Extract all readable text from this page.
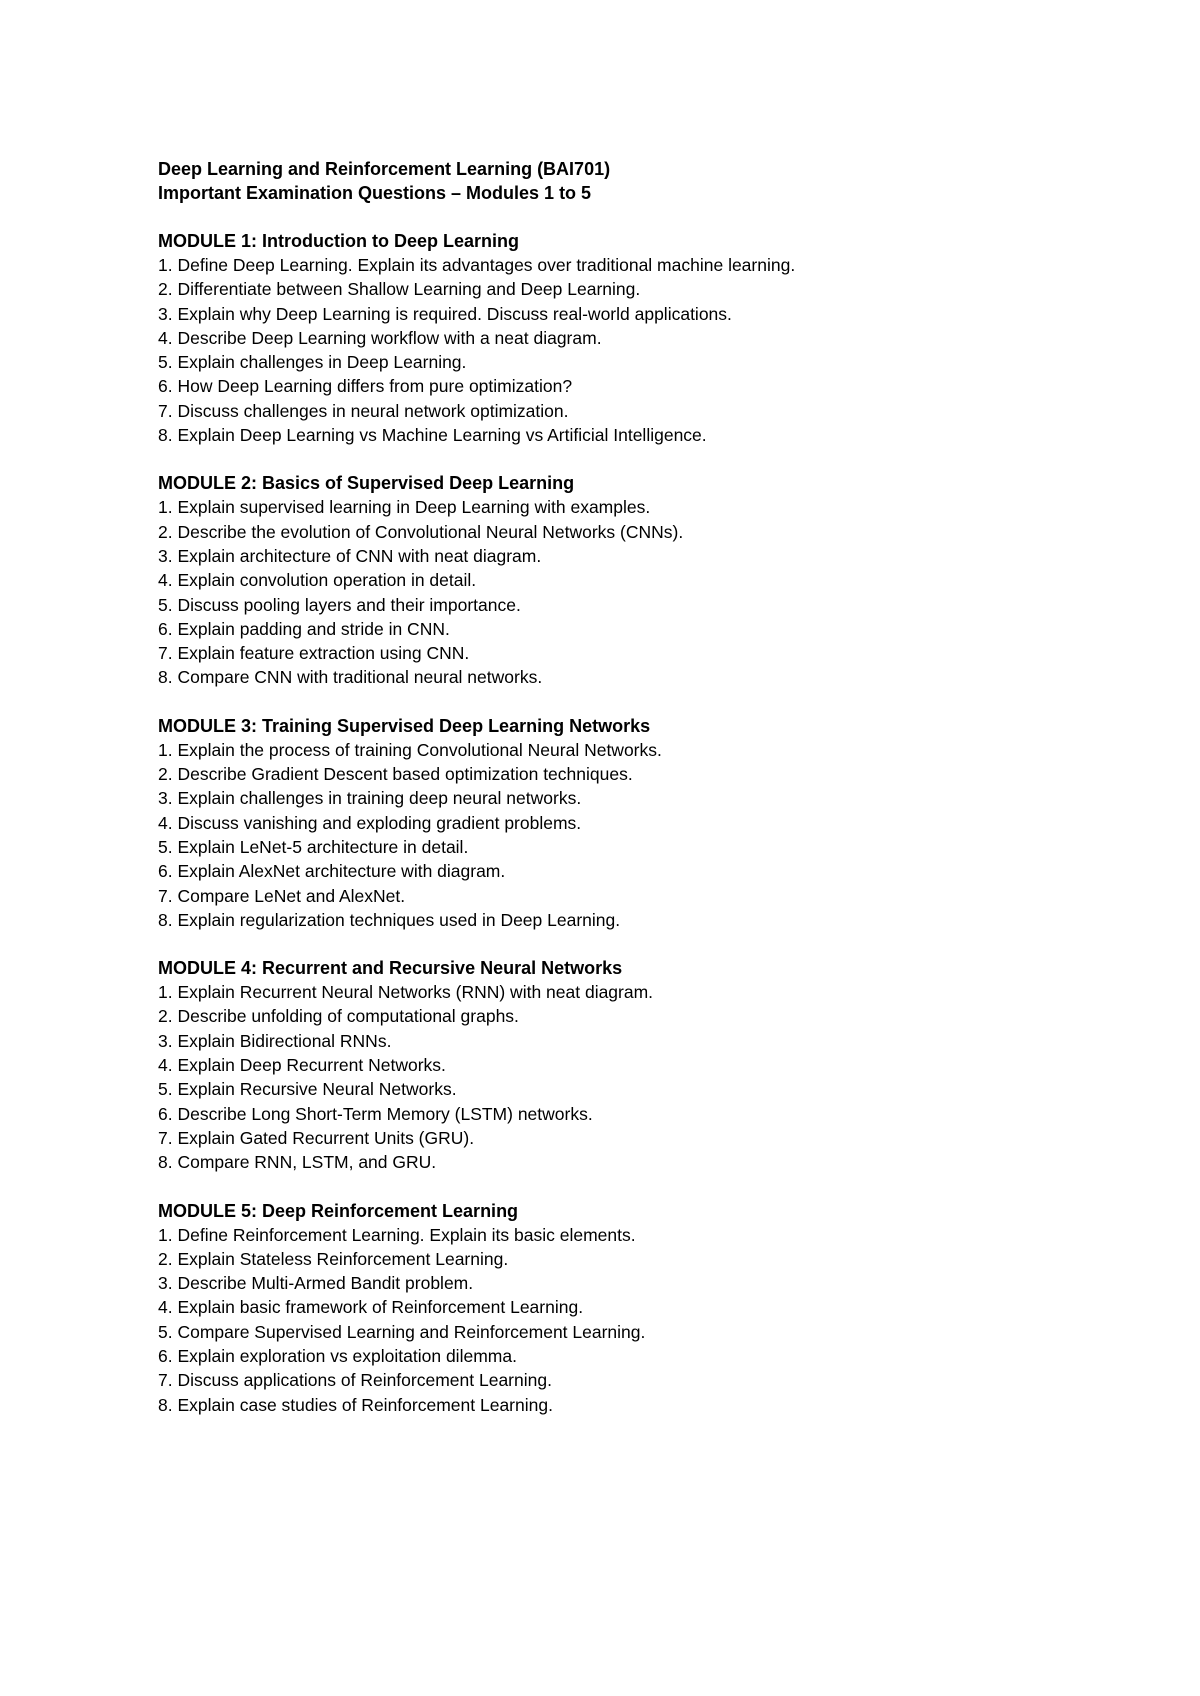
Deep Learning and Reinforcement Learning (BAI701)

Important Examination Questions – Modules 1 to 5

MODULE 1: Introduction to Deep Learning

1. Define Deep Learning. Explain its advantages over traditional machine learning.
2. Differentiate between Shallow Learning and Deep Learning.
3. Explain why Deep Learning is required. Discuss real-world applications.
4. Describe Deep Learning workflow with a neat diagram.
5. Explain challenges in Deep Learning.
6. How Deep Learning differs from pure optimization?
7. Discuss challenges in neural network optimization.
8. Explain Deep Learning vs Machine Learning vs Artificial Intelligence.

MODULE 2: Basics of Supervised Deep Learning

1. Explain supervised learning in Deep Learning with examples.
2. Describe the evolution of Convolutional Neural Networks (CNNs).
3. Explain architecture of CNN with neat diagram.
4. Explain convolution operation in detail.
5. Discuss pooling layers and their importance.
6. Explain padding and stride in CNN.
7. Explain feature extraction using CNN.
8. Compare CNN with traditional neural networks.

MODULE 3: Training Supervised Deep Learning Networks

1. Explain the process of training Convolutional Neural Networks.
2. Describe Gradient Descent based optimization techniques.
3. Explain challenges in training deep neural networks.
4. Discuss vanishing and exploding gradient problems.
5. Explain LeNet-5 architecture in detail.
6. Explain AlexNet architecture with diagram.
7. Compare LeNet and AlexNet.
8. Explain regularization techniques used in Deep Learning.

MODULE 4: Recurrent and Recursive Neural Networks

1. Explain Recurrent Neural Networks (RNN) with neat diagram.
2. Describe unfolding of computational graphs.
3. Explain Bidirectional RNNs.
4. Explain Deep Recurrent Networks.
5. Explain Recursive Neural Networks.
6. Describe Long Short-Term Memory (LSTM) networks.
7. Explain Gated Recurrent Units (GRU).
8. Compare RNN, LSTM, and GRU.

MODULE 5: Deep Reinforcement Learning

1. Define Reinforcement Learning. Explain its basic elements.
2. Explain Stateless Reinforcement Learning.
3. Describe Multi-Armed Bandit problem.
4. Explain basic framework of Reinforcement Learning.
5. Compare Supervised Learning and Reinforcement Learning.
6. Explain exploration vs exploitation dilemma.
7. Discuss applications of Reinforcement Learning.
8. Explain case studies of Reinforcement Learning.
